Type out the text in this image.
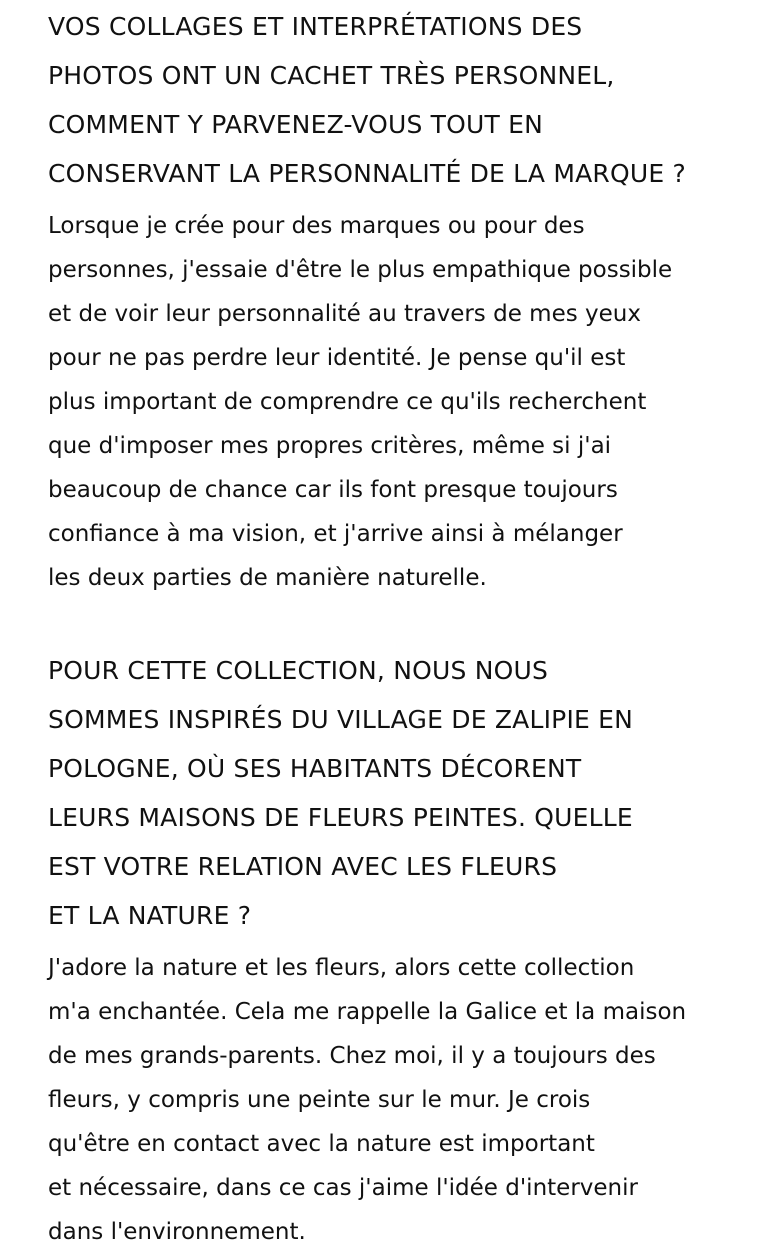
VOS COLLAGES ET INTERPRÉTATIONS DES
PHOTOS ONT UN CACHET TRÈS PERSONNEL,
COMMENT Y PARVENEZ-VOUS TOUT EN
CONSERVANT LA PERSONNALITÉ DE LA MARQUE ?

Lorsque je crée pour des marques ou pour des
personnes, j'essaie d'être le plus empathique possible
et de voir leur personnalité au travers de mes yeux
pour ne pas perdre leur identité. Je pense qu'il est
plus important de comprendre ce qu'ils recherchent
que d'imposer mes propres critères, même si j'ai
beaucoup de chance car ils font presque toujours
confiance à ma vision, et j'arrive ainsi à mélanger
les deux parties de manière naturelle.

POUR CETTE COLLECTION, NOUS NOUS
SOMMES INSPIRÉS DU VILLAGE DE ZALIPIE EN
POLOGNE, OÙ SES HABITANTS DÉCORENT
LEURS MAISONS DE FLEURS PEINTES. QUELLE
EST VOTRE RELATION AVEC LES FLEURS
ET LA NATURE ?

J'adore la nature et les fleurs, alors cette collection
m'a enchantée. Cela me rappelle la Galice et la maison
de mes grands-parents. Chez moi, il y a toujours des
fleurs, y compris une peinte sur le mur. Je crois
qu'être en contact avec la nature est important
et nécessaire, dans ce cas j'aime l'idée d'intervenir
dans l'environnement.
